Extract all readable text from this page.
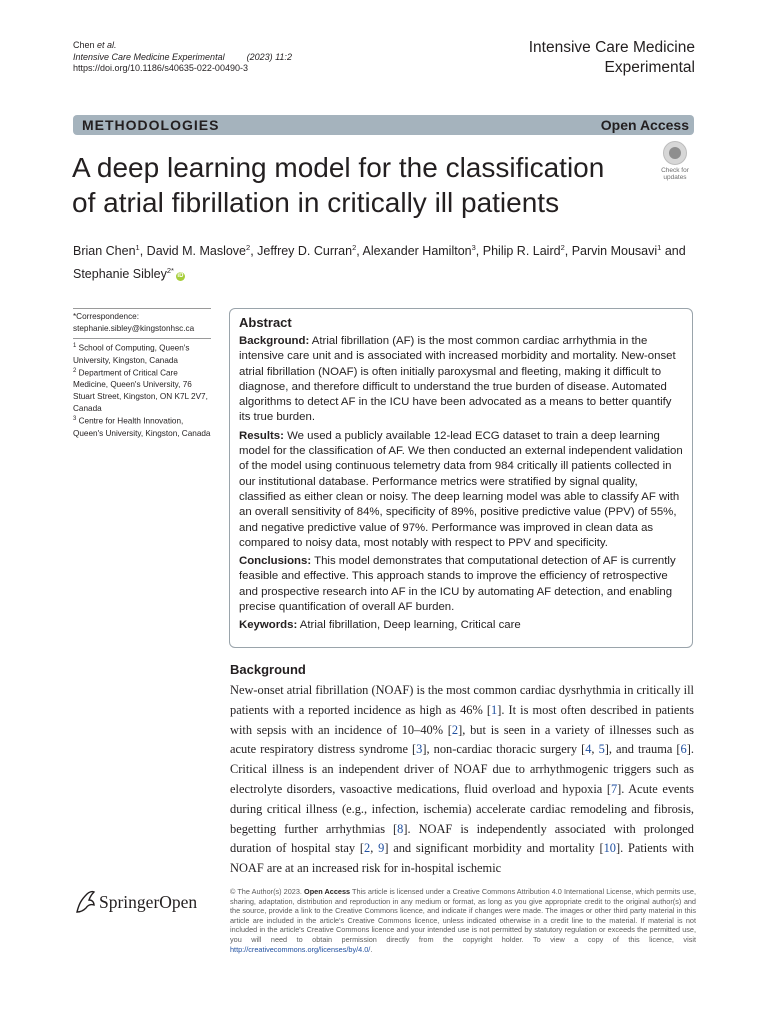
Chen et al.
Intensive Care Medicine Experimental (2023) 11:2
https://doi.org/10.1186/s40635-022-00490-3
Intensive Care Medicine
Experimental
METHODOLOGIES	Open Access
A deep learning model for the classification
of atrial fibrillation in critically ill patients
Check for
updates
Brian Chen$^1$, David M. Maslove$^2$, Jeffrey D. Curran$^2$, Alexander Hamilton$^3$, Philip R. Laird$^2$, Parvin Mousavi$^1$ and
Stephanie Sibley$^{2*}$iD
*Correspondence:
stephanie.sibley@kingstonhsc.ca
$^1$ School of Computing, Queen's University, Kingston, Canada
$^2$ Department of Critical Care Medicine, Queen's University, 76 Stuart Street, Kingston, ON K7L 2V7, Canada
$^3$ Centre for Health Innovation, Queen's University, Kingston, Canada
Abstract

Background: Atrial fibrillation (AF) is the most common cardiac arrhythmia in the intensive care unit and is associated with increased morbidity and mortality. New-onset atrial fibrillation (NOAF) is often initially paroxysmal and fleeting, making it difficult to diagnose, and therefore difficult to understand the true burden of disease. Automated algorithms to detect AF in the ICU have been advocated as a means to better quantify its true burden.

Results: We used a publicly available 12-lead ECG dataset to train a deep learning model for the classification of AF. We then conducted an external independent validation of the model using continuous telemetry data from 984 critically ill patients collected in our institutional database. Performance metrics were stratified by signal quality, classified as either clean or noisy. The deep learning model was able to classify AF with an overall sensitivity of 84%, specificity of 89%, positive predictive value (PPV) of 55%, and negative predictive value of 97%. Performance was improved in clean data as compared to noisy data, most notably with respect to PPV and specificity.

Conclusions: This model demonstrates that computational detection of AF is currently feasible and effective. This approach stands to improve the efficiency of retrospective and prospective research into AF in the ICU by automating AF detection, and enabling precise quantification of overall AF burden.

Keywords: Atrial fibrillation, Deep learning, Critical care

Background

New-onset atrial fibrillation (NOAF) is the most common cardiac dysrhythmia in critically ill patients with a reported incidence as high as 46% [1]. It is most often described in patients with sepsis with an incidence of 10–40% [2], but is seen in a variety of illnesses such as acute respiratory distress syndrome [3], non-cardiac thoracic surgery [4, 5], and trauma [6]. Critical illness is an independent driver of NOAF due to arrhythmogenic triggers such as electrolyte disorders, vasoactive medications, fluid overload and hypoxia [7]. Acute events during critical illness (e.g., infection, ischemia) accelerate cardiac remodeling and fibrosis, begetting further arrhythmias [8]. NOAF is independently associated with prolonged duration of hospital stay [2, 9] and significant morbidity and mortality [10]. Patients with NOAF are at an increased risk for in-hospital ischemic

SpringerOpen

© The Author(s) 2023. Open Access This article is licensed under a Creative Commons Attribution 4.0 International License, which permits use, sharing, adaptation, distribution and reproduction in any medium or format, as long as you give appropriate credit to the original author(s) and the source, provide a link to the Creative Commons licence, and indicate if changes were made. The images or other third party material in this article are included in the article's Creative Commons licence, unless indicated otherwise in a credit line to the material. If material is not included in the article's Creative Commons licence and your intended use is not permitted by statutory regulation or exceeds the permitted use, you will need to obtain permission directly from the copyright holder. To view a copy of this licence, visit http://creativecommons.org/licenses/by/4.0/.
